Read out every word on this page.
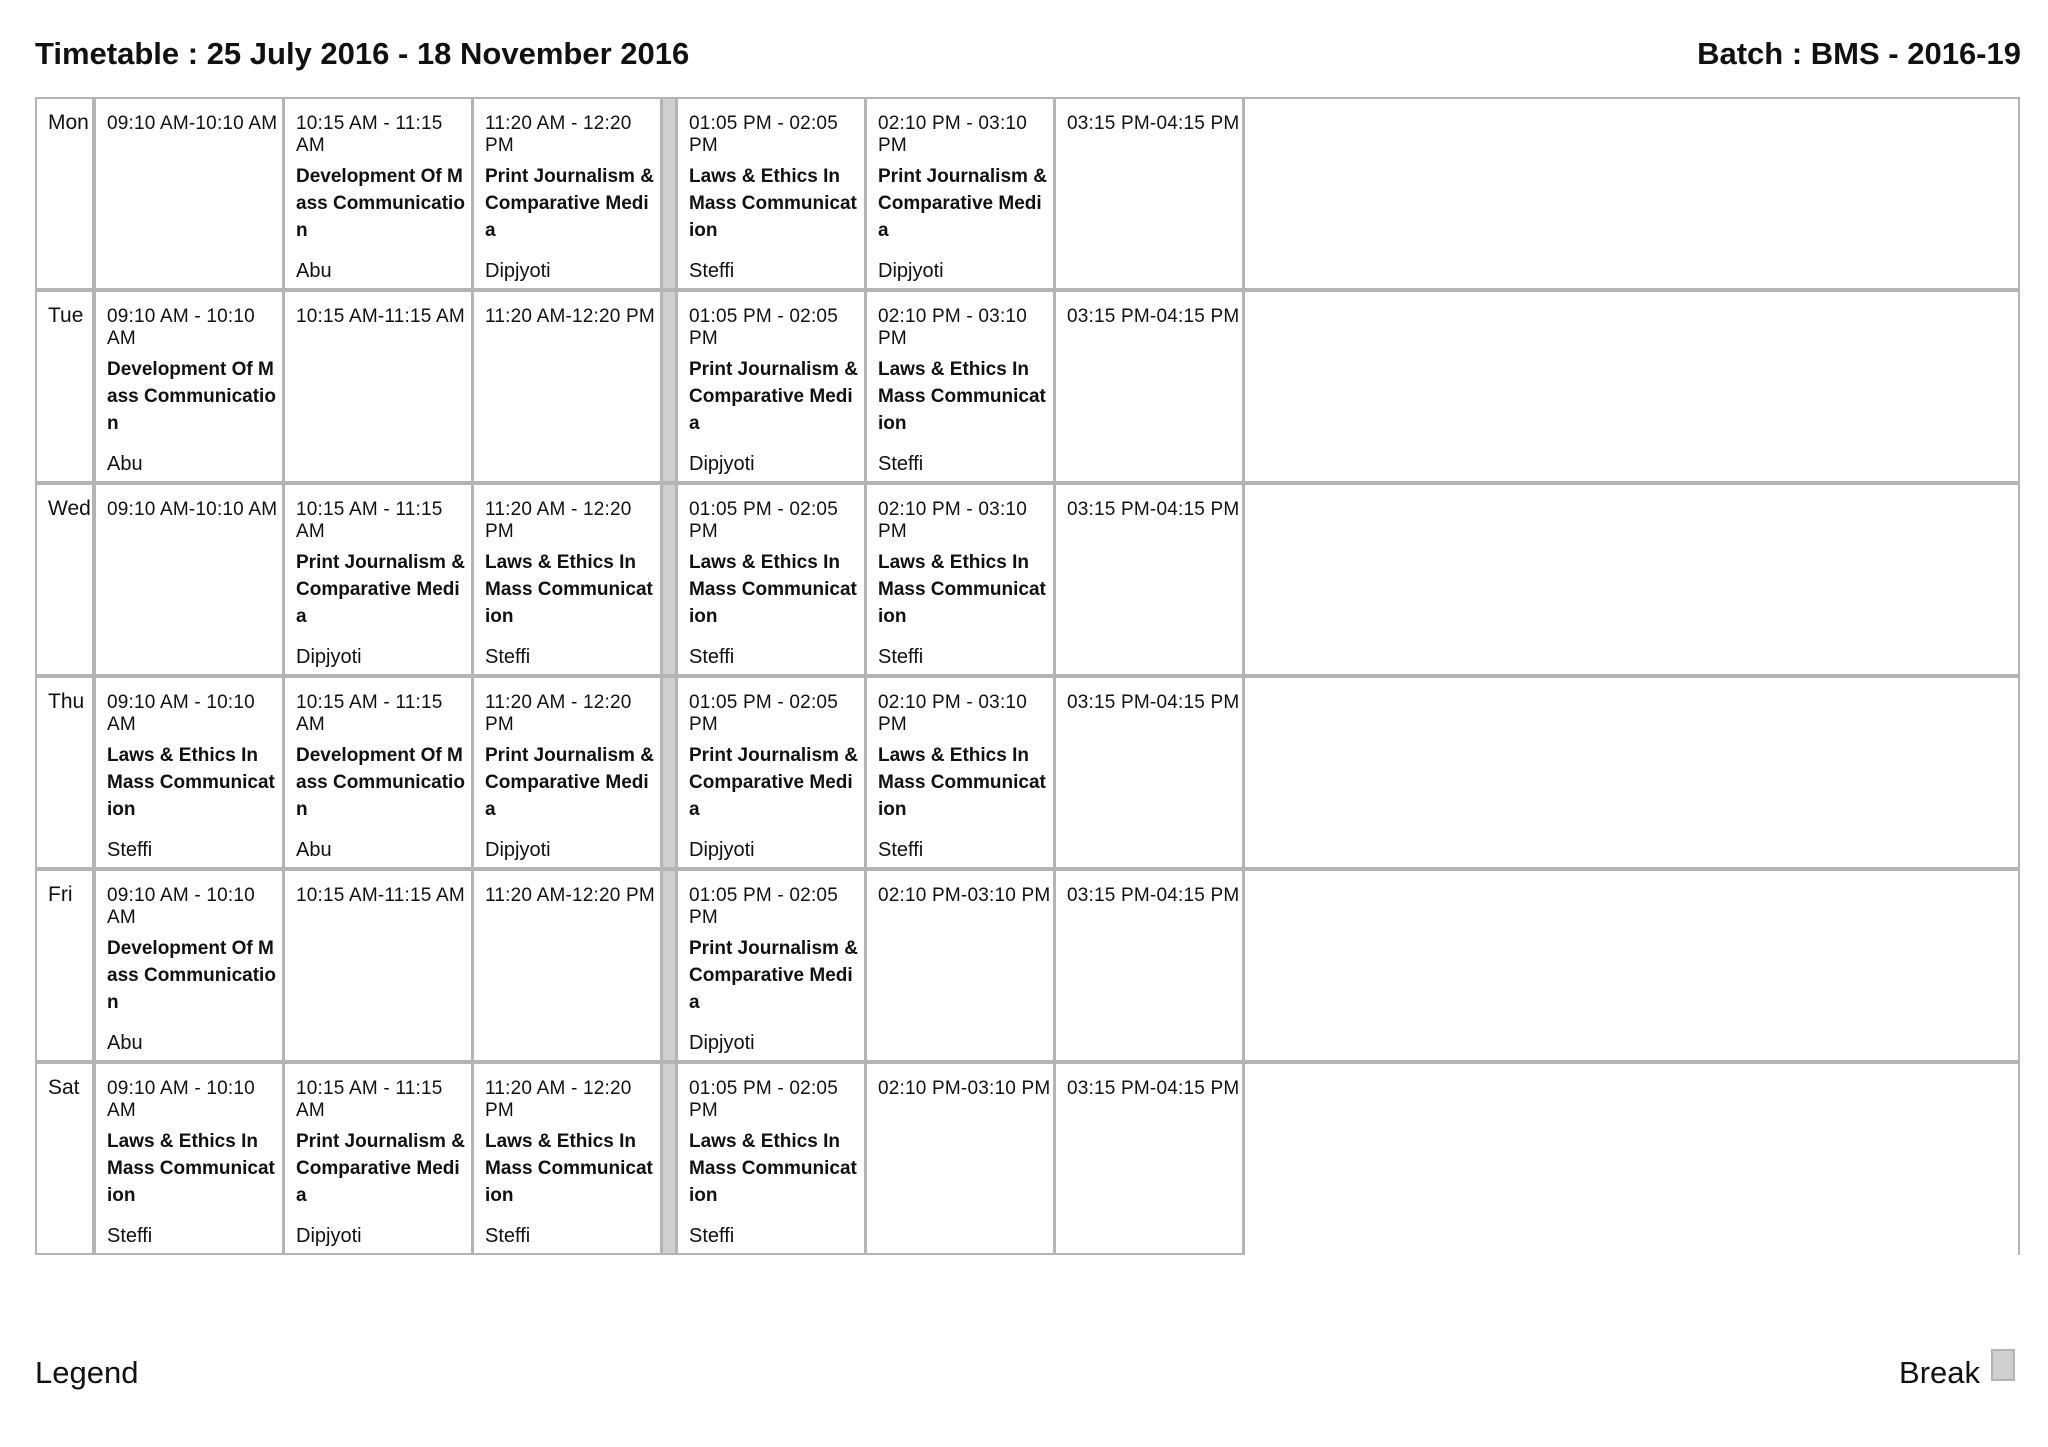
Timetable : 25 July 2016 - 18 November 2016	Batch : BMS - 2016-19
Mon 09:10 AM-10:10 AM 10:15 AM - 11:15 AM
Development Of Mass Communication
Abu
11:20 AM - 12:20 PM
Print Journalism & Comparative Media
Dipjyoti
01:05 PM - 02:05 PM
Laws & Ethics In Mass Communication
Steffi
02:10 PM - 03:10 PM
Print Journalism & Comparative Media
Dipjyoti
03:15 PM-04:15 PM
Tue 09:10 AM - 10:10 AM
Development Of Mass Communication
Abu
10:15 AM-11:15 AM 11:20 AM-12:20 PM 01:05 PM - 02:05 PM
Print Journalism & Comparative Media
Dipjyoti
02:10 PM - 03:10 PM
Laws & Ethics In Mass Communication
Steffi
03:15 PM-04:15 PM
Wed 09:10 AM-10:10 AM 10:15 AM - 11:15 AM
Print Journalism & Comparative Media
Dipjyoti
11:20 AM - 12:20 PM
Laws & Ethics In Mass Communication
Steffi
01:05 PM - 02:05 PM
Laws & Ethics In Mass Communication
Steffi
02:10 PM - 03:10 PM
Laws & Ethics In Mass Communication
Steffi
03:15 PM-04:15 PM
Thu 09:10 AM - 10:10 AM
Laws & Ethics In Mass Communication
Steffi
10:15 AM - 11:15 AM
Development Of Mass Communication
Abu
11:20 AM - 12:20 PM
Print Journalism & Comparative Media
Dipjyoti
01:05 PM - 02:05 PM
Print Journalism & Comparative Media
Dipjyoti
02:10 PM - 03:10 PM
Laws & Ethics In Mass Communication
Steffi
03:15 PM-04:15 PM
Fri 09:10 AM - 10:10 AM
Development Of Mass Communication
Abu
10:15 AM-11:15 AM 11:20 AM-12:20 PM 01:05 PM - 02:05 PM
Print Journalism & Comparative Media
Dipjyoti
02:10 PM-03:10 PM 03:15 PM-04:15 PM
Sat 09:10 AM - 10:10 AM
Laws & Ethics In Mass Communication
Steffi
10:15 AM - 11:15 AM
Print Journalism & Comparative Media
Dipjyoti
11:20 AM - 12:20 PM
Laws & Ethics In Mass Communication
Steffi
01:05 PM - 02:05 PM
Laws & Ethics In Mass Communication
Steffi
02:10 PM-03:10 PM 03:15 PM-04:15 PM
Legend	Break
